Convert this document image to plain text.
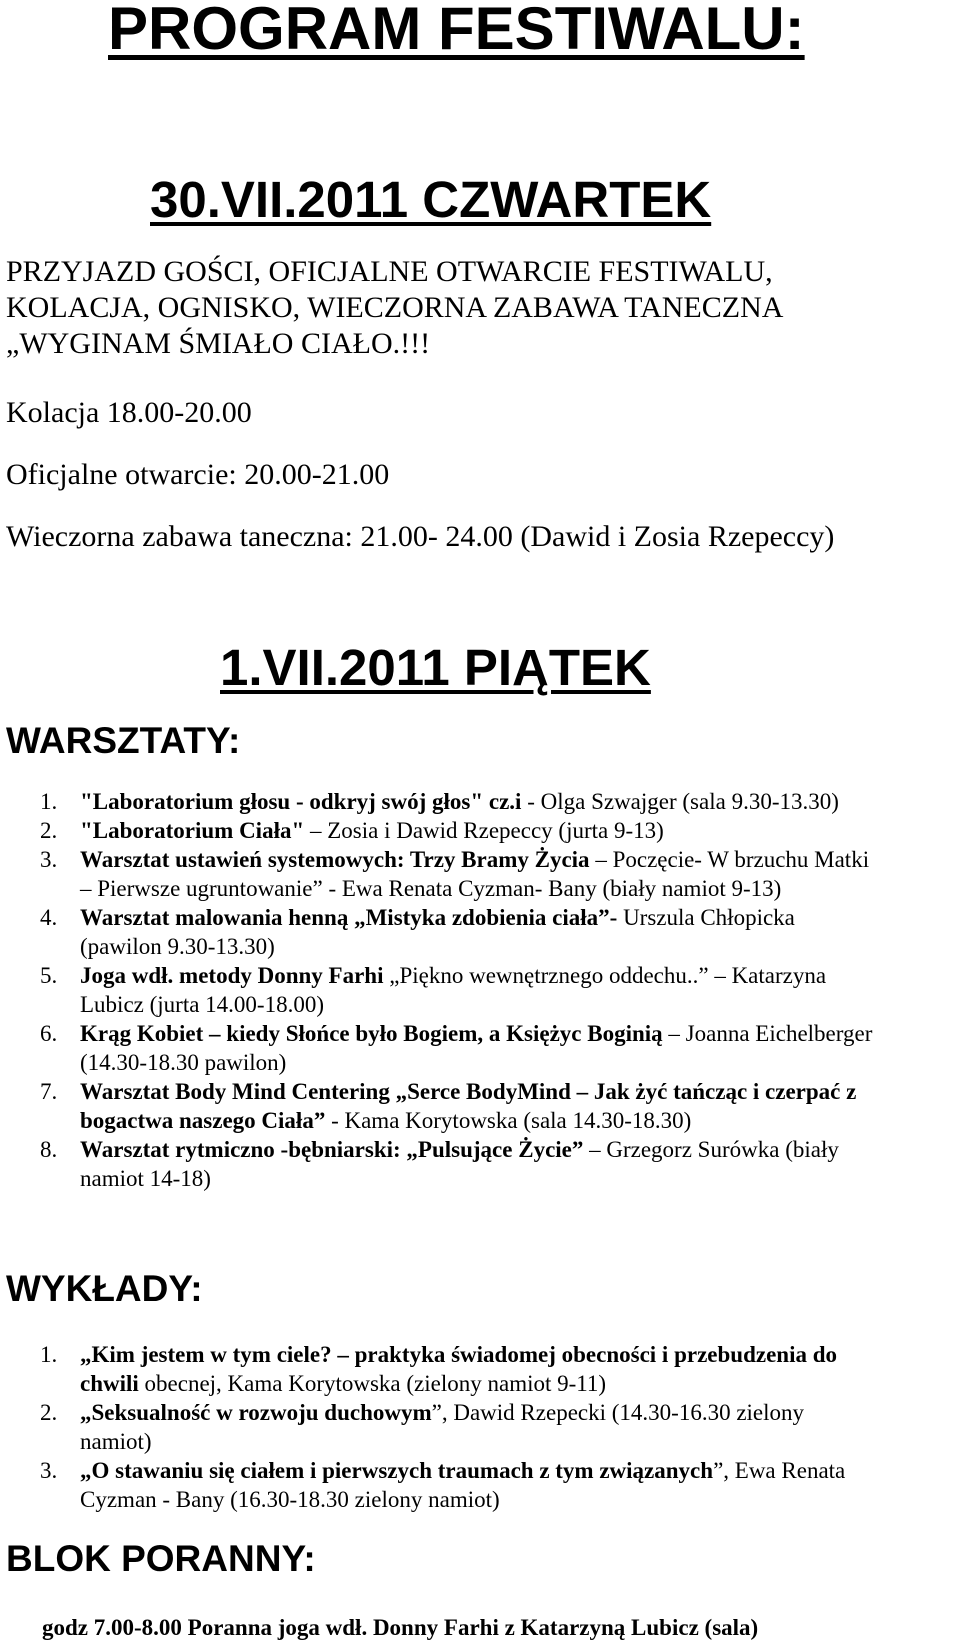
PROGRAM FESTIWALU:
30.VII.2011 CZWARTEK
PRZYJAZD GOŚCI, OFICJALNE OTWARCIE FESTIWALU,
KOLACJA, OGNISKO, WIECZORNA ZABAWA TANECZNA
„WYGINAM ŚMIAŁO CIAŁO.!!!
Kolacja 18.00-20.00
Oficjalne otwarcie: 20.00-21.00
Wieczorna zabawa taneczna: 21.00- 24.00 (Dawid i Zosia Rzepeccy)
1.VII.2011 PIĄTEK
WARSZTATY:
1. "Laboratorium głosu - odkryj swój głos" cz.i - Olga Szwajger (sala 9.30-13.30)
2. "Laboratorium Ciała" – Zosia i Dawid Rzepeccy (jurta 9-13)
3. Warsztat ustawień systemowych: Trzy Bramy Życia – Poczęcie- W brzuchu Matki
– Pierwsze ugruntowanie” - Ewa Renata Cyzman- Bany (biały namiot 9-13)
4. Warsztat malowania henną „Mistyka zdobienia ciała”- Urszula Chłopicka
(pawilon 9.30-13.30)
5. Joga wdł. metody Donny Farhi „Piękno wewnętrznego oddechu..” – Katarzyna
Lubicz (jurta 14.00-18.00)
6. Krąg Kobiet – kiedy Słońce było Bogiem, a Księżyc Boginią – Joanna Eichelberger
(14.30-18.30 pawilon)
7. Warsztat Body Mind Centering „Serce BodyMind – Jak żyć tańcząc i czerpać z
bogactwa naszego Ciała” - Kama Korytowska (sala 14.30-18.30)
8. Warsztat rytmiczno -bębniarski: „Pulsujące Życie” – Grzegorz Surówka (biały
namiot 14-18)
WYKŁADY:
1. „Kim jestem w tym ciele? – praktyka świadomej obecności i przebudzenia do
chwili obecnej, Kama Korytowska (zielony namiot 9-11)
2. „Seksualność w rozwoju duchowym”, Dawid Rzepecki (14.30-16.30 zielony
namiot)
3. „O stawaniu się ciałem i pierwszych traumach z tym związanych”, Ewa Renata
Cyzman - Bany (16.30-18.30 zielony namiot)
BLOK PORANNY:
godz 7.00-8.00 Poranna joga wdł. Donny Farhi z Katarzyną Lubicz (sala)
